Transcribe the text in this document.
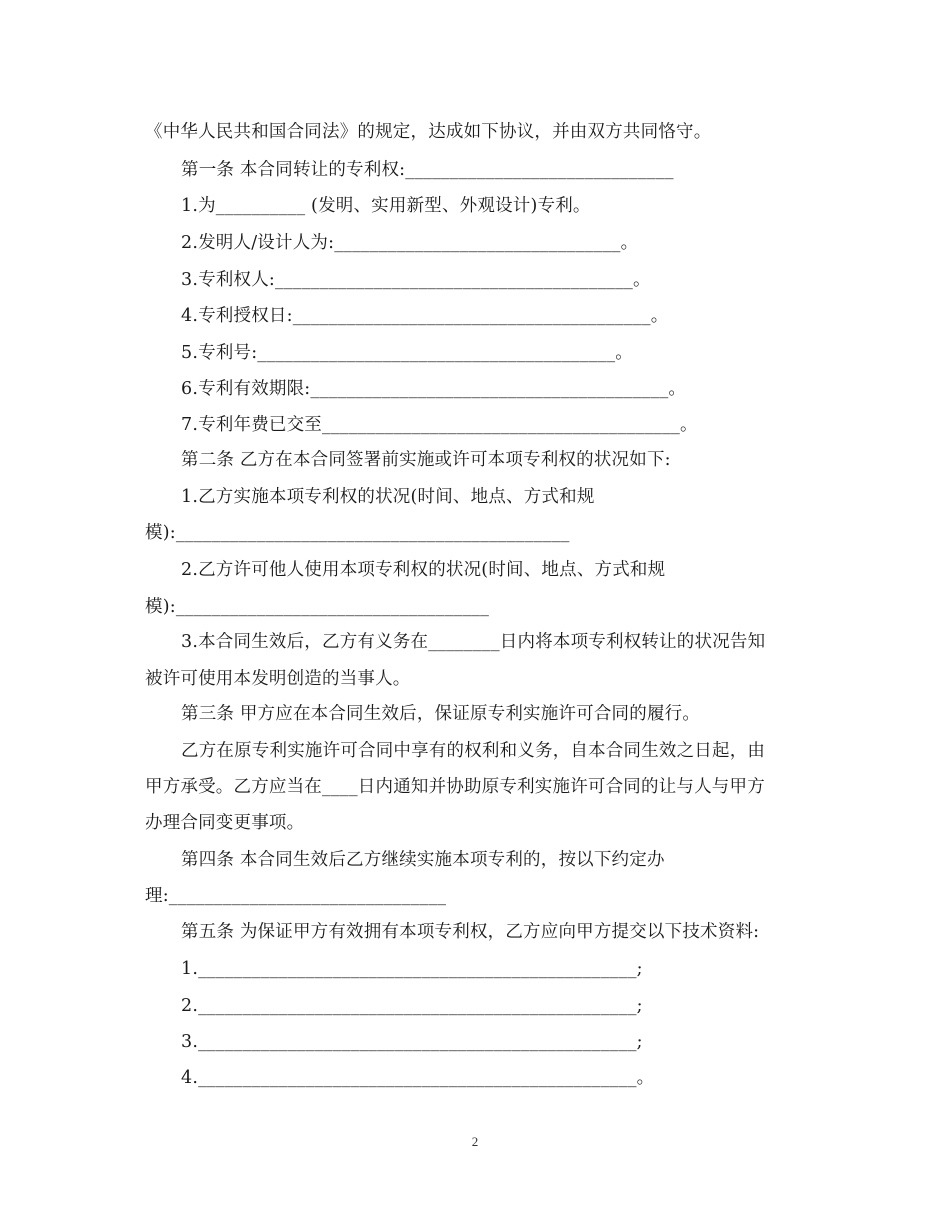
《中华人民共和国合同法》的规定，达成如下协议，并由双方共同恪守。
第一条 本合同转让的专利权:______________________________
1.为__________ (发明、实用新型、外观设计)专利。
2.发明人/设计人为:________________________________。
3.专利权人:________________________________________。
4.专利授权日:________________________________________。
5.专利号:________________________________________。
6.专利有效期限:________________________________________。
7.专利年费已交至________________________________________。
第二条 乙方在本合同签署前实施或许可本项专利权的状况如下:
1.乙方实施本项专利权的状况(时间、地点、方式和规
模):____________________________________________
2.乙方许可他人使用本项专利权的状况(时间、地点、方式和规
模):___________________________________
3.本合同生效后，乙方有义务在________日内将本项专利权转让的状况告知
被许可使用本发明创造的当事人。
第三条 甲方应在本合同生效后，保证原专利实施许可合同的履行。
乙方在原专利实施许可合同中享有的权利和义务，自本合同生效之日起，由
甲方承受。乙方应当在____日内通知并协助原专利实施许可合同的让与人与甲方
办理合同变更事项。
第四条 本合同生效后乙方继续实施本项专利的，按以下约定办
理:_______________________________
第五条 为保证甲方有效拥有本项专利权，乙方应向甲方提交以下技术资料:
1._________________________________________________;
2._________________________________________________;
3._________________________________________________;
4._________________________________________________。
2
